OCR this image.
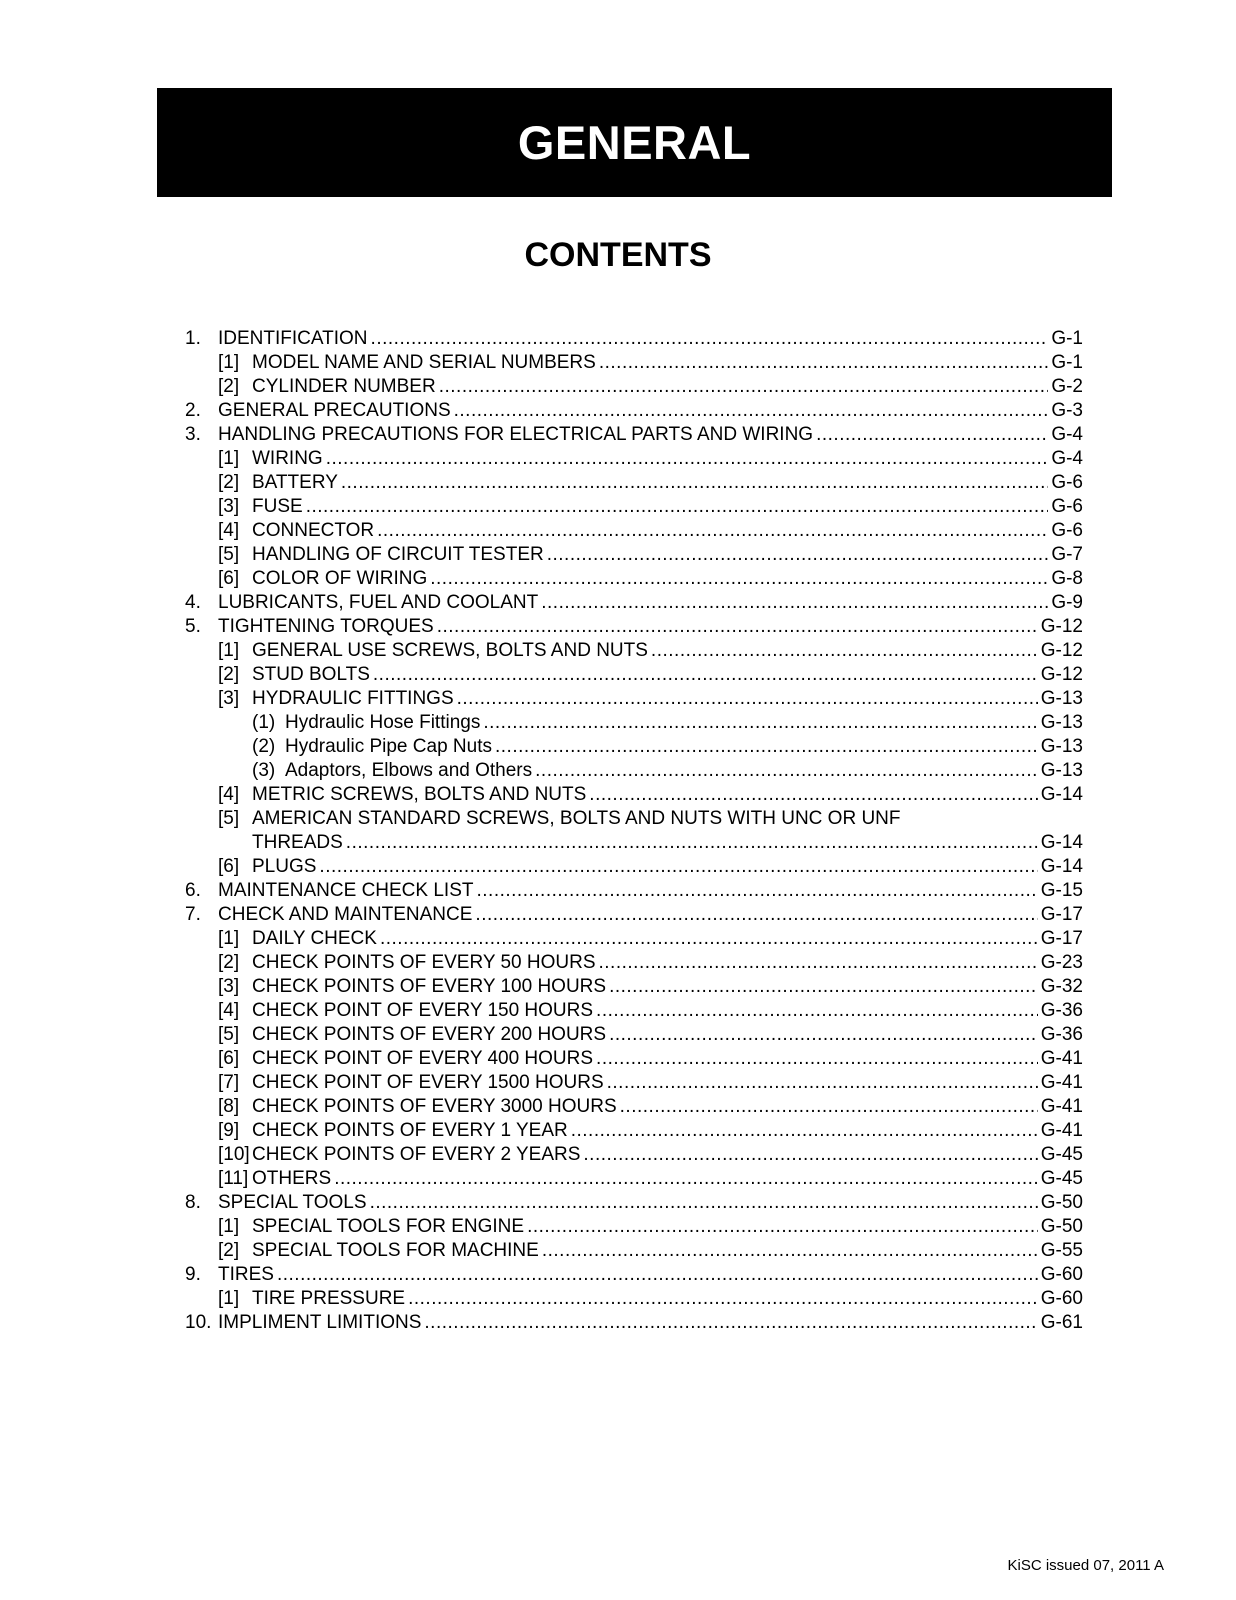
GENERAL
CONTENTS
1. IDENTIFICATION .....	G-1
[1] MODEL NAME AND SERIAL NUMBERS .....	G-1
[2] CYLINDER NUMBER .....	G-2
2. GENERAL PRECAUTIONS .....	G-3
3. HANDLING PRECAUTIONS FOR ELECTRICAL PARTS AND WIRING .....	G-4
[1] WIRING .....	G-4
[2] BATTERY .....	G-6
[3] FUSE .....	G-6
[4] CONNECTOR .....	G-6
[5] HANDLING OF CIRCUIT TESTER .....	G-7
[6] COLOR OF WIRING .....	G-8
4. LUBRICANTS, FUEL AND COOLANT .....	G-9
5. TIGHTENING TORQUES .....	G-12
[1] GENERAL USE SCREWS, BOLTS AND NUTS .....	G-12
[2] STUD BOLTS .....	G-12
[3] HYDRAULIC FITTINGS .....	G-13
(1) Hydraulic Hose Fittings .....	G-13
(2) Hydraulic Pipe Cap Nuts .....	G-13
(3) Adaptors, Elbows and Others .....	G-13
[4] METRIC SCREWS, BOLTS AND NUTS .....	G-14
[5] AMERICAN STANDARD SCREWS, BOLTS AND NUTS WITH UNC OR UNF
THREADS .....	G-14
[6] PLUGS .....	G-14
6. MAINTENANCE CHECK LIST .....	G-15
7. CHECK AND MAINTENANCE .....	G-17
[1] DAILY CHECK .....	G-17
[2] CHECK POINTS OF EVERY 50 HOURS .....	G-23
[3] CHECK POINTS OF EVERY 100 HOURS .....	G-32
[4] CHECK POINT OF EVERY 150 HOURS .....	G-36
[5] CHECK POINTS OF EVERY 200 HOURS .....	G-36
[6] CHECK POINT OF EVERY 400 HOURS .....	G-41
[7] CHECK POINT OF EVERY 1500 HOURS .....	G-41
[8] CHECK POINTS OF EVERY 3000 HOURS .....	G-41
[9] CHECK POINTS OF EVERY 1 YEAR .....	G-41
[10] CHECK POINTS OF EVERY 2 YEARS .....	G-45
[11] OTHERS .....	G-45
8. SPECIAL TOOLS .....	G-50
[1] SPECIAL TOOLS FOR ENGINE .....	G-50
[2] SPECIAL TOOLS FOR MACHINE .....	G-55
9. TIRES .....	G-60
[1] TIRE PRESSURE .....	G-60
10. IMPLIMENT LIMITIONS .....	G-61
KiSC issued 07, 2011 A
